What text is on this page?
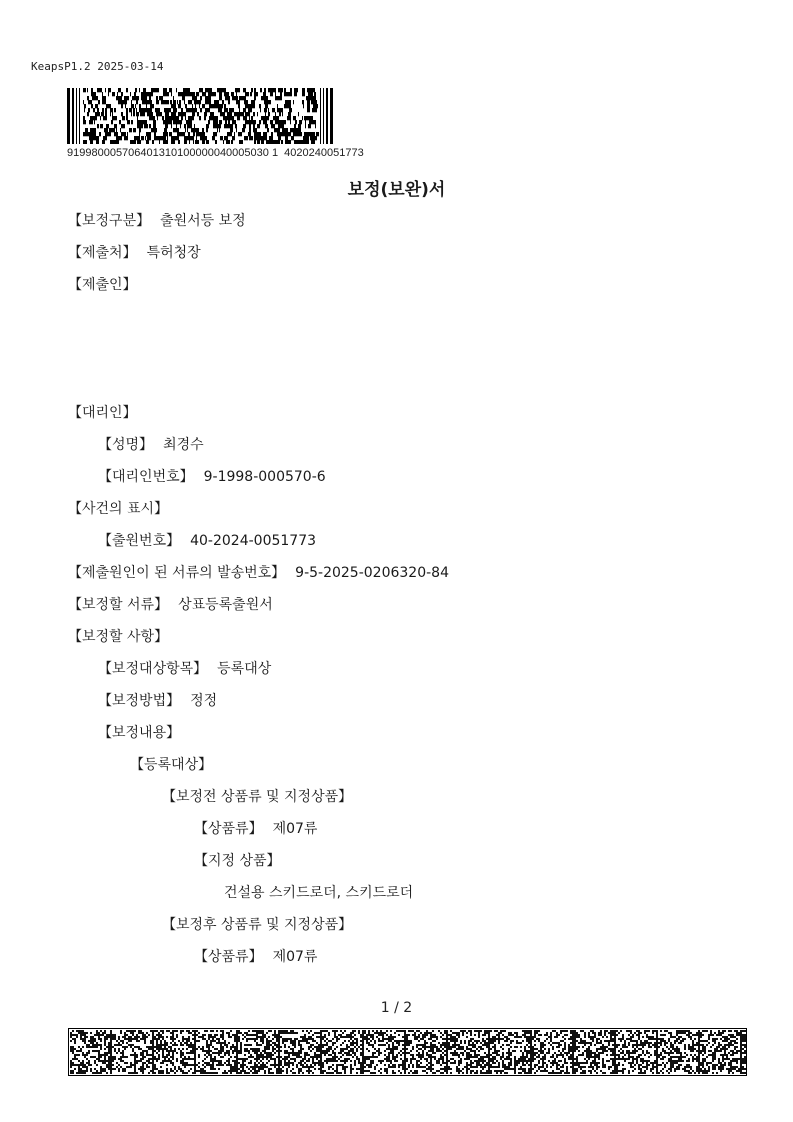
KeapsP1.2 2025-03-14
919980005706401310100000040005030 1  4020240051773
보정(보완)서
【보정구분】 출원서등 보정
【제출처】 특허청장
【제출인】
【대리인】
【성명】 최경수
【대리인번호】 9-1998-000570-6
【사건의 표시】
【출원번호】 40-2024-0051773
【제출원인이 된 서류의 발송번호】 9-5-2025-0206320-84
【보정할 서류】 상표등록출원서
【보정할 사항】
【보정대상항목】 등록대상
【보정방법】 정정
【보정내용】
【등록대상】
【보정전 상품류 및 지정상품】
【상품류】 제07류
【지정 상품】
건설용 스키드로더, 스키드로더
【보정후 상품류 및 지정상품】
【상품류】 제07류
1 / 2
